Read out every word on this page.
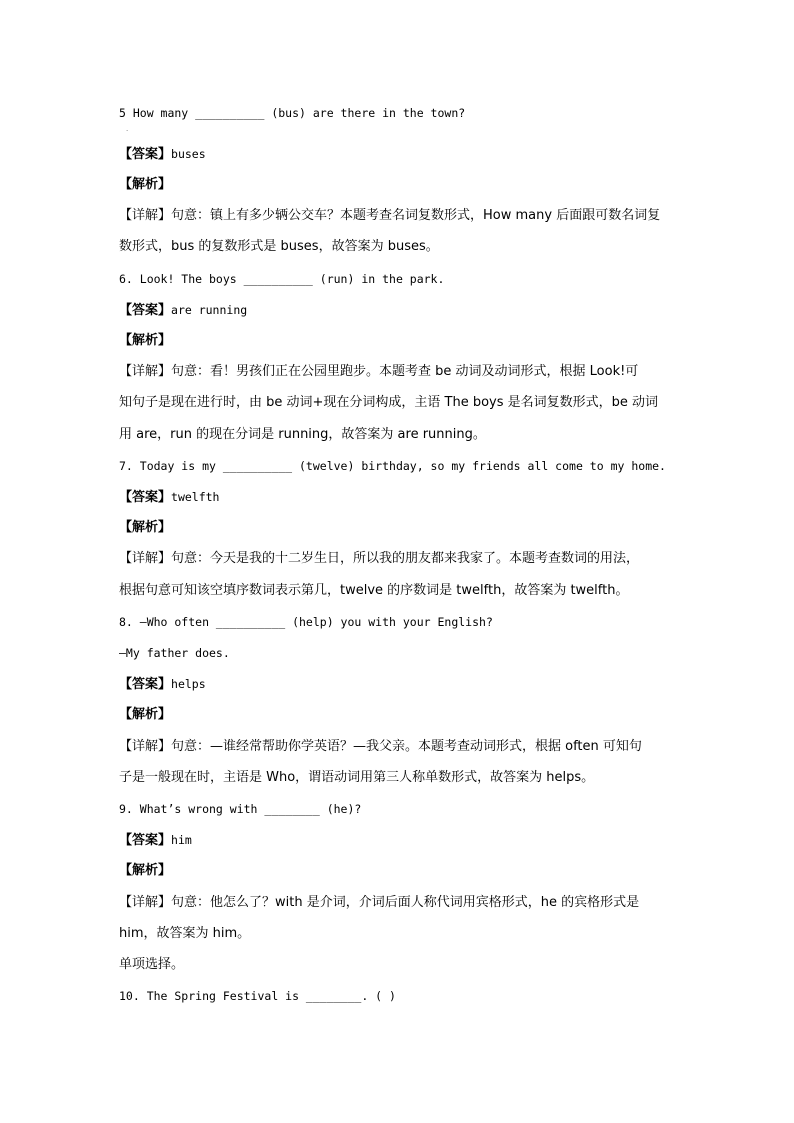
.
5 How many __________ (bus) are there in the town?
【答案】buses
【解析】
【详解】句意：镇上有多少辆公交车？本题考查名词复数形式，How many 后面跟可数名词复
数形式，bus 的复数形式是 buses，故答案为 buses。
6. Look! The boys __________ (run) in the park.
【答案】are running
【解析】
【详解】句意：看！男孩们正在公园里跑步。本题考查 be 动词及动词形式，根据 Look!可
知句子是现在进行时，由 be 动词+现在分词构成，主语 The boys 是名词复数形式，be 动词
用 are，run 的现在分词是 running，故答案为 are running。
7. Today is my __________ (twelve) birthday, so my friends all come to my home.
【答案】twelfth
【解析】
【详解】句意：今天是我的十二岁生日，所以我的朋友都来我家了。本题考查数词的用法，
根据句意可知该空填序数词表示第几，twelve 的序数词是 twelfth，故答案为 twelfth。
8. —Who often __________ (help) you with your English?
—My father does.
【答案】helps
【解析】
【详解】句意：—谁经常帮助你学英语？—我父亲。本题考查动词形式，根据 often 可知句
子是一般现在时，主语是 Who，谓语动词用第三人称单数形式，故答案为 helps。
9. What’s wrong with ________ (he)?
【答案】him
【解析】
【详解】句意：他怎么了？with 是介词，介词后面人称代词用宾格形式，he 的宾格形式是
him，故答案为 him。
单项选择。
10. The Spring Festival is ________. ( )
